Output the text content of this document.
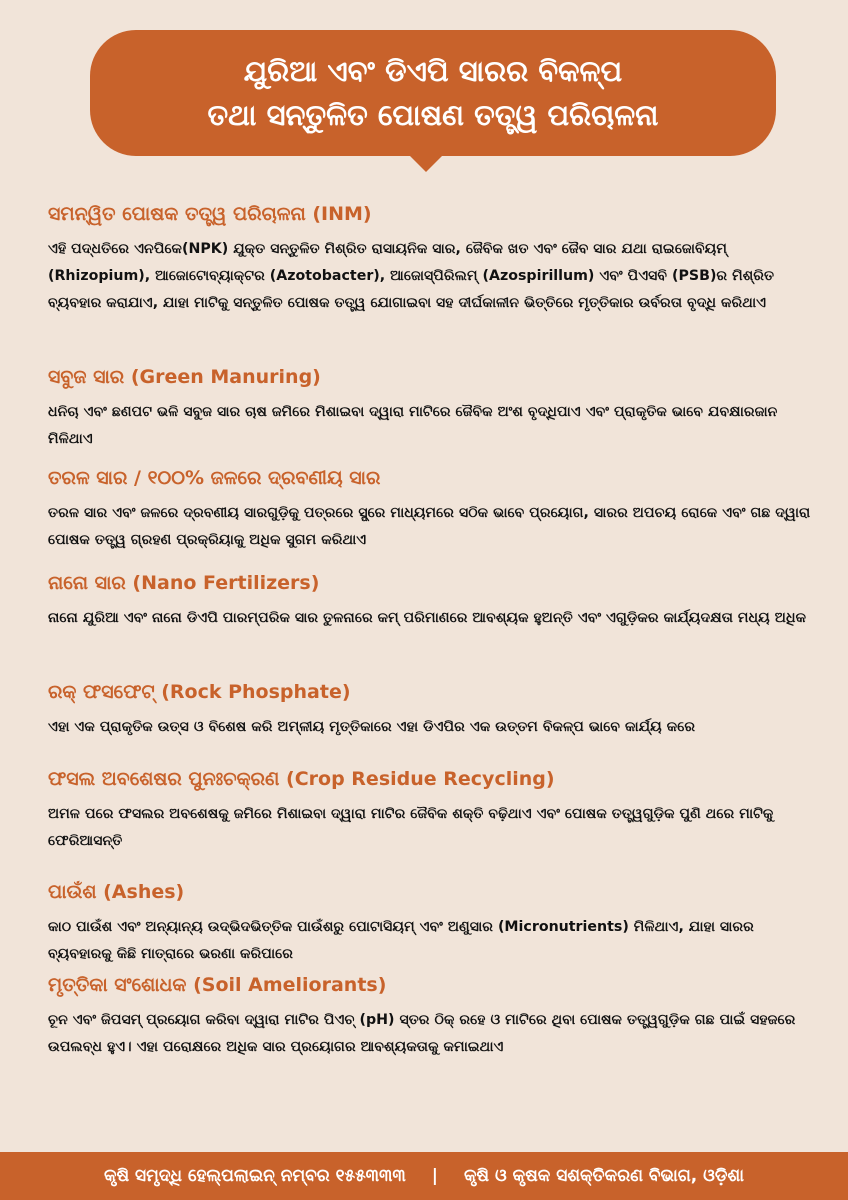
ଯୁରିଆ ଏବଂ ଡିଏପି ସାରର ବିକଳ୍ପ
ତଥା ସନ୍ତୁଳିତ ପୋଷଣ ତତ୍ତ୍ୱ ପରିଚାଳନା
ସମନ୍ୱିତ ପୋଷକ ତତ୍ତ୍ୱ ପରିଚାଳନା (INM)

ଏହି ପଦ୍ଧତିରେ ଏନପିକେ(NPK) ଯୁକ୍ତ ସନ୍ତୁଳିତ ମିଶ୍ରିତ ରାସାୟନିକ ସାର, ଜୈବିକ ଖତ ଏବଂ ଜୈବ ସାର ଯଥା ରାଇଜୋବିୟମ୍ (Rhizopium), ଆଜୋଟୋବ୍ୟାକ୍ଟର (Azotobacter), ଆଜୋସ୍ପିରିଲମ୍ (Azospirillum) ଏବଂ ପିଏସବି (PSB)ର ମିଶ୍ରିତ ବ୍ୟବହାର କରାଯାଏ, ଯାହା ମାଟିକୁ ସନ୍ତୁଳିତ ପୋଷକ ତତ୍ତ୍ୱ ଯୋଗାଇବା ସହ ଦୀର୍ଘକାଳୀନ ଭିତ୍ତିରେ ମୃତ୍ତିକାର ଉର୍ବରତା ବୃଦ୍ଧି କରିଥାଏ

ସବୁଜ ସାର (Green Manuring)

ଧନିଚା ଏବଂ ଛଣପଟ ଭଳି ସବୁଜ ସାର ଚାଷ ଜମିରେ ମିଶାଇବା ଦ୍ୱାରା ମାଟିରେ ଜୈବିକ ଅଂଶ ବୃଦ୍ଧିପାଏ ଏବଂ ପ୍ରାକୃତିକ ଭାବେ ଯବକ୍ଷାରଜାନ ମିଳିଥାଏ

ତରଳ ସାର / ୧୦୦% ଜଳରେ ଦ୍ରବଣୀୟ ସାର

ତରଳ ସାର ଏବଂ ଜଳରେ ଦ୍ରବଣୀୟ ସାରଗୁଡ଼ିକୁ ପତ୍ରରେ ସ୍ପ୍ରେ ମାଧ୍ୟମରେ ସଠିକ ଭାବେ ପ୍ରୟୋଗ, ସାରର ଅପଚୟ ରୋକେ ଏବଂ ଗଛ ଦ୍ୱାରା ପୋଷକ ତତ୍ତ୍ୱ ଗ୍ରହଣ ପ୍ରକ୍ରିୟାକୁ ଅଧିକ ସୁଗମ କରିଥାଏ

ନାନୋ ସାର (Nano Fertilizers)

ନାନୋ ଯୁରିଆ ଏବଂ ନାନୋ ଡିଏପି ପାରମ୍ପରିକ ସାର ତୁଳନାରେ କମ୍ ପରିମାଣରେ ଆବଶ୍ୟକ ହୁଅନ୍ତି ଏବଂ ଏଗୁଡ଼ିକର କାର୍ଯ୍ୟଦକ୍ଷତା ମଧ୍ୟ ଅଧିକ

ରକ୍ ଫସଫେଟ୍ (Rock Phosphate)

ଏହା ଏକ ପ୍ରାକୃତିକ ଉତ୍ସ ଓ ବିଶେଷ କରି ଅମ୍ଳୀୟ ମୃତ୍ତିକାରେ ଏହା ଡିଏପିର ଏକ ଉତ୍ତମ ବିକଳ୍ପ ଭାବେ କାର୍ଯ୍ୟ କରେ

ଫସଲ ଅବଶେଷର ପୁନଃଚକ୍ରଣ (Crop Residue Recycling)

ଅମଳ ପରେ ଫସଲର ଅବଶେଷକୁ ଜମିରେ ମିଶାଇବା ଦ୍ୱାରା ମାଟିର ଜୈବିକ ଶକ୍ତି ବଢ଼ିଥାଏ ଏବଂ ପୋଷକ ତତ୍ତ୍ୱଗୁଡ଼ିକ ପୁଣି ଥରେ ମାଟିକୁ ଫେରିଆସନ୍ତି

ପାଉଁଶ (Ashes)

କାଠ ପାଉଁଶ ଏବଂ ଅନ୍ୟାନ୍ୟ ଉଦ୍ଭିଦଭିତ୍ତିକ ପାଉଁଶରୁ ପୋଟାସିୟମ୍ ଏବଂ ଅଣୁସାର (Micronutrients) ମିଳିଥାଏ, ଯାହା ସାରର ବ୍ୟବହାରକୁ କିଛି ମାତ୍ରାରେ ଭରଣା କରିପାରେ

ମୃତ୍ତିକା ସଂଶୋଧକ (Soil Ameliorants)

ଚୂନ ଏବଂ ଜିପସମ୍ ପ୍ରୟୋଗ କରିବା ଦ୍ୱାରା ମାଟିର ପିଏଚ୍ (pH) ସ୍ତର ଠିକ୍ ରହେ ଓ ମାଟିରେ ଥିବା ପୋଷକ ତତ୍ତ୍ୱଗୁଡ଼ିକ ଗଛ ପାଇଁ ସହଜରେ ଉପଲବ୍ଧ ହୁଏ। ଏହା ପରୋକ୍ଷରେ ଅଧିକ ସାର ପ୍ରୟୋଗର ଆବଶ୍ୟକତାକୁ କମାଇଥାଏ

କୃଷି ସମୃଦ୍ଧି ହେଲ୍ପଲାଇନ୍ ନମ୍ବର ୧୫୫୩୩୩ | କୃଷି ଓ କୃଷକ ସଶକ୍ତିକରଣ ବିଭାଗ, ଓଡ଼ିଶା
